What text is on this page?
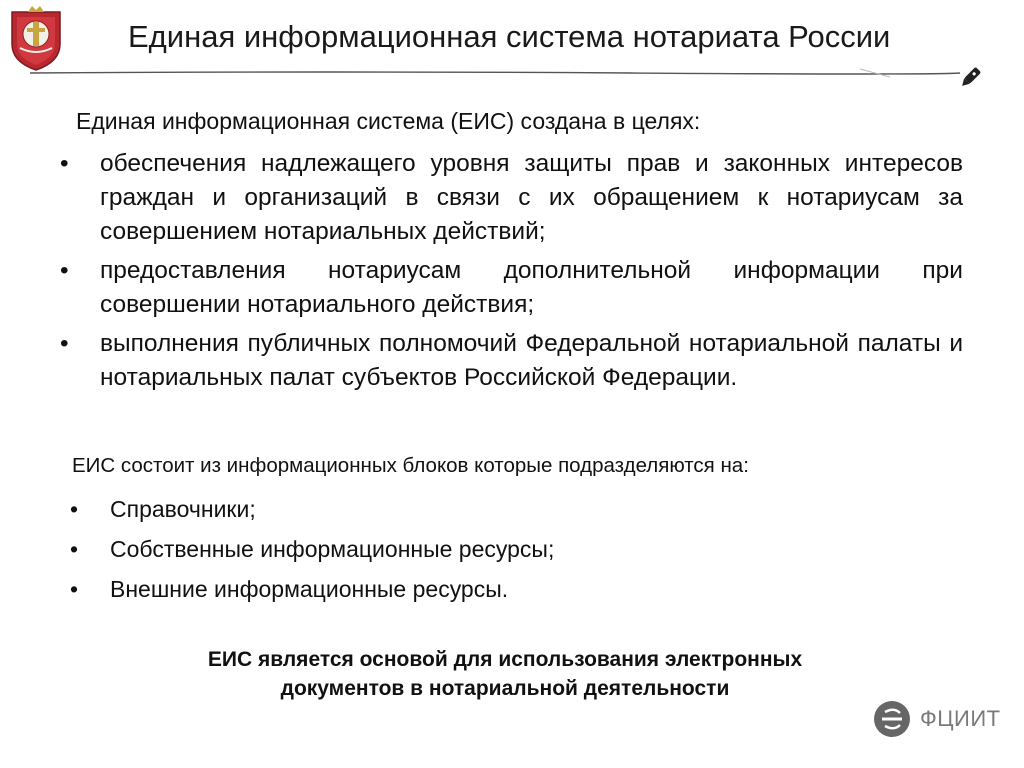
Единая информационная система нотариата России
Единая информационная система (ЕИС) создана в целях:
• обеспечения надлежащего уровня защиты прав и законных интересов граждан и организаций в связи с их обращением к нотариусам за совершением нотариальных действий;
• предоставления нотариусам дополнительной информации при совершении нотариального действия;
• выполнения публичных полномочий Федеральной нотариальной палаты и нотариальных палат субъектов Российской Федерации.
ЕИС состоит из информационных блоков которые подразделяются на:
• Справочники;
• Собственные информационные ресурсы;
• Внешние информационные ресурсы.
ЕИС является основой для использования электронных
документов в нотариальной деятельности
ФЦИИТ
